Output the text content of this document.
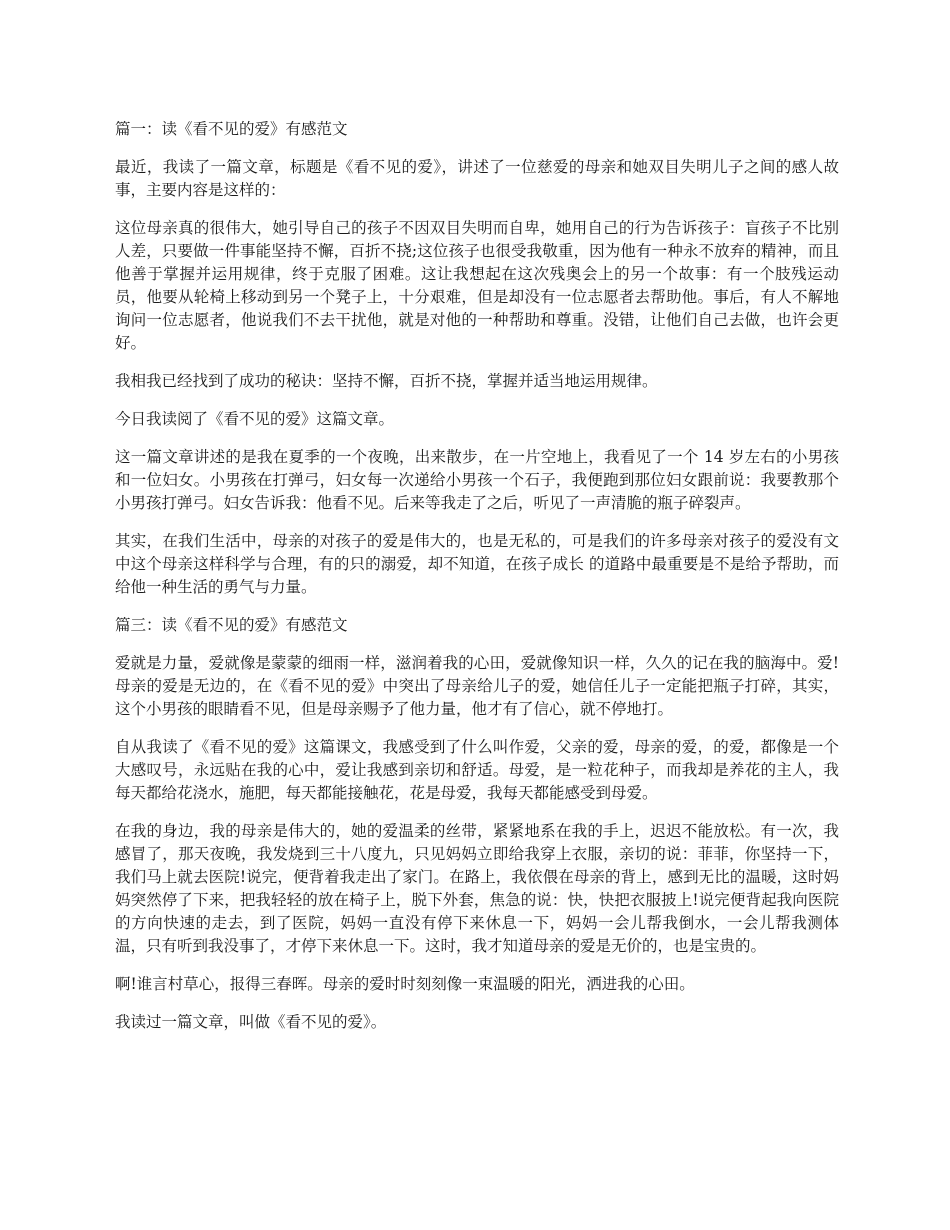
篇一：读《看不见的爱》有感范文

最近，我读了一篇文章，标题是《看不见的爱》，讲述了一位慈爱的母亲和她双目失明儿子之间的感人故事，主要内容是这样的：

这位母亲真的很伟大，她引导自己的孩子不因双目失明而自卑，她用自己的行为告诉孩子：盲孩子不比别人差，只要做一件事能坚持不懈，百折不挠;这位孩子也很受我敬重，因为他有一种永不放弃的精神，而且他善于掌握并运用规律，终于克服了困难。这让我想起在这次残奥会上的另一个故事：有一个肢残运动员，他要从轮椅上移动到另一个凳子上，十分艰难，但是却没有一位志愿者去帮助他。事后，有人不解地询问一位志愿者，他说我们不去干扰他，就是对他的一种帮助和尊重。没错，让他们自己去做，也许会更好。

我相我已经找到了成功的秘诀：坚持不懈，百折不挠，掌握并适当地运用规律。

今日我读阅了《看不见的爱》这篇文章。

这一篇文章讲述的是我在夏季的一个夜晚，出来散步，在一片空地上，我看见了一个 14 岁左右的小男孩和一位妇女。小男孩在打弹弓，妇女每一次递给小男孩一个石子，我便跑到那位妇女跟前说：我要教那个小男孩打弹弓。妇女告诉我：他看不见。后来等我走了之后，听见了一声清脆的瓶子碎裂声。

其实，在我们生活中，母亲的对孩子的爱是伟大的，也是无私的，可是我们的许多母亲对孩子的爱没有文中这个母亲这样科学与合理，有的只的溺爱，却不知道，在孩子成长 的道路中最重要是不是给予帮助，而给他一种生活的勇气与力量。

篇三：读《看不见的爱》有感范文

爱就是力量，爱就像是蒙蒙的细雨一样，滋润着我的心田，爱就像知识一样，久久的记在我的脑海中。爱!母亲的爱是无边的，在《看不见的爱》中突出了母亲给儿子的爱，她信任儿子一定能把瓶子打碎，其实，这个小男孩的眼睛看不见，但是母亲赐予了他力量，他才有了信心，就不停地打。

自从我读了《看不见的爱》这篇课文，我感受到了什么叫作爱，父亲的爱，母亲的爱，的爱，都像是一个大感叹号，永远贴在我的心中，爱让我感到亲切和舒适。母爱，是一粒花种子，而我却是养花的主人，我每天都给花浇水，施肥，每天都能接触花，花是母爱，我每天都能感受到母爱。

在我的身边，我的母亲是伟大的，她的爱温柔的丝带，紧紧地系在我的手上，迟迟不能放松。有一次，我感冒了，那天夜晚，我发烧到三十八度九，只见妈妈立即给我穿上衣服，亲切的说：菲菲，你坚持一下，我们马上就去医院!说完，便背着我走出了家门。在路上，我依偎在母亲的背上，感到无比的温暖，这时妈妈突然停了下来，把我轻轻的放在椅子上，脱下外套，焦急的说：快，快把衣服披上!说完便背起我向医院的方向快速的走去，到了医院，妈妈一直没有停下来休息一下，妈妈一会儿帮我倒水，一会儿帮我测体温，只有听到我没事了，才停下来休息一下。这时，我才知道母亲的爱是无价的，也是宝贵的。

啊!谁言村草心，报得三春晖。母亲的爱时时刻刻像一束温暖的阳光，洒进我的心田。

我读过一篇文章，叫做《看不见的爱》。
